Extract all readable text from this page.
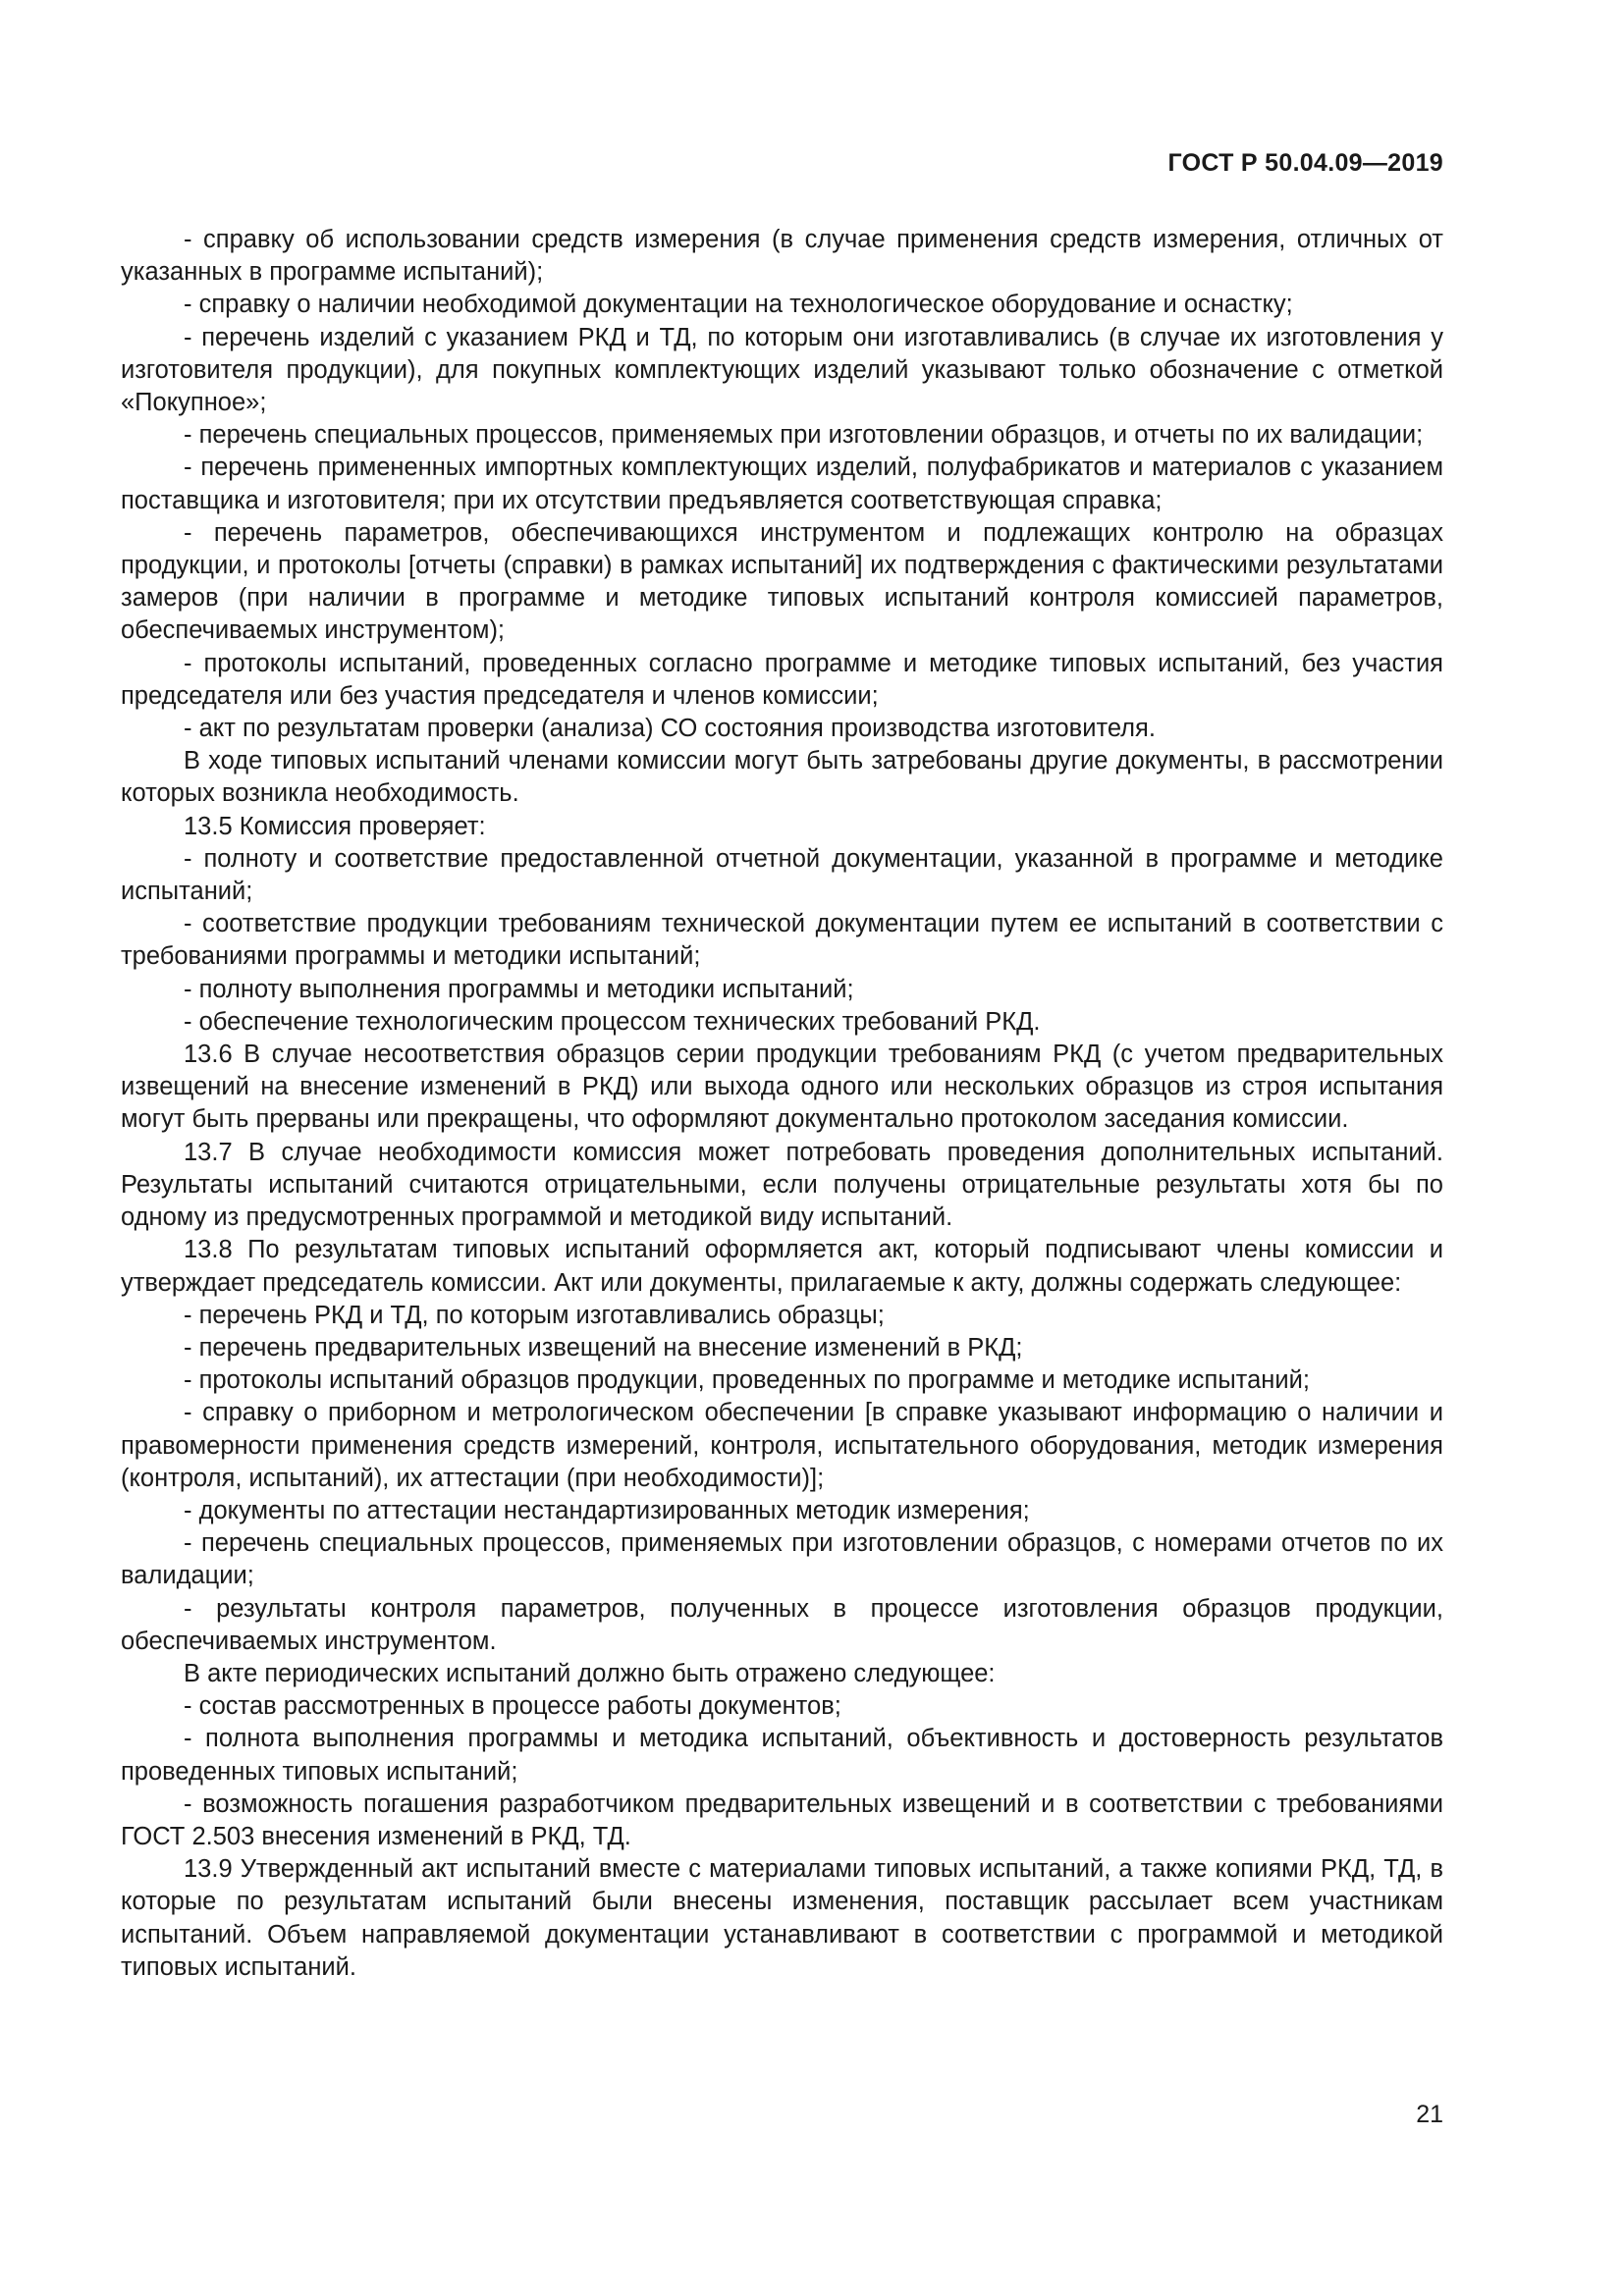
ГОСТ Р 50.04.09—2019

- справку об использовании средств измерения (в случае применения средств измерения, отличных от указанных в программе испытаний);

- справку о наличии необходимой документации на технологическое оборудование и оснастку;

- перечень изделий с указанием РКД и ТД, по которым они изготавливались (в случае их изготовления у изготовителя продукции), для покупных комплектующих изделий указывают только обозначение с отметкой «Покупное»;

- перечень специальных процессов, применяемых при изготовлении образцов, и отчеты по их валидации;

- перечень примененных импортных комплектующих изделий, полуфабрикатов и материалов с указанием поставщика и изготовителя; при их отсутствии предъявляется соответствующая справка;

- перечень параметров, обеспечивающихся инструментом и подлежащих контролю на образцах продукции, и протоколы [отчеты (справки) в рамках испытаний] их подтверждения с фактическими результатами замеров (при наличии в программе и методике типовых испытаний контроля комиссией параметров, обеспечиваемых инструментом);

- протоколы испытаний, проведенных согласно программе и методике типовых испытаний, без участия председателя или без участия председателя и членов комиссии;

- акт по результатам проверки (анализа) СО состояния производства изготовителя.

В ходе типовых испытаний членами комиссии могут быть затребованы другие документы, в рассмотрении которых возникла необходимость.

13.5 Комиссия проверяет:

- полноту и соответствие предоставленной отчетной документации, указанной в программе и методике испытаний;

- соответствие продукции требованиям технической документации путем ее испытаний в соответствии с требованиями программы и методики испытаний;

- полноту выполнения программы и методики испытаний;

- обеспечение технологическим процессом технических требований РКД.

13.6 В случае несоответствия образцов серии продукции требованиям РКД (с учетом предварительных извещений на внесение изменений в РКД) или выхода одного или нескольких образцов из строя испытания могут быть прерваны или прекращены, что оформляют документально протоколом заседания комиссии.

13.7 В случае необходимости комиссия может потребовать проведения дополнительных испытаний. Результаты испытаний считаются отрицательными, если получены отрицательные результаты хотя бы по одному из предусмотренных программой и методикой виду испытаний.

13.8 По результатам типовых испытаний оформляется акт, который подписывают члены комиссии и утверждает председатель комиссии. Акт или документы, прилагаемые к акту, должны содержать следующее:

- перечень РКД и ТД, по которым изготавливались образцы;

- перечень предварительных извещений на внесение изменений в РКД;

- протоколы испытаний образцов продукции, проведенных по программе и методике испытаний;

- справку о приборном и метрологическом обеспечении [в справке указывают информацию о наличии и правомерности применения средств измерений, контроля, испытательного оборудования, методик измерения (контроля, испытаний), их аттестации (при необходимости)];

- документы по аттестации нестандартизированных методик измерения;

- перечень специальных процессов, применяемых при изготовлении образцов, с номерами отчетов по их валидации;

- результаты контроля параметров, полученных в процессе изготовления образцов продукции, обеспечиваемых инструментом.

В акте периодических испытаний должно быть отражено следующее:

- состав рассмотренных в процессе работы документов;

- полнота выполнения программы и методика испытаний, объективность и достоверность результатов проведенных типовых испытаний;

- возможность погашения разработчиком предварительных извещений и в соответствии с требованиями ГОСТ 2.503 внесения изменений в РКД, ТД.

13.9 Утвержденный акт испытаний вместе с материалами типовых испытаний, а также копиями РКД, ТД, в которые по результатам испытаний были внесены изменения, поставщик рассылает всем участникам испытаний. Объем направляемой документации устанавливают в соответствии с программой и методикой типовых испытаний.

21
